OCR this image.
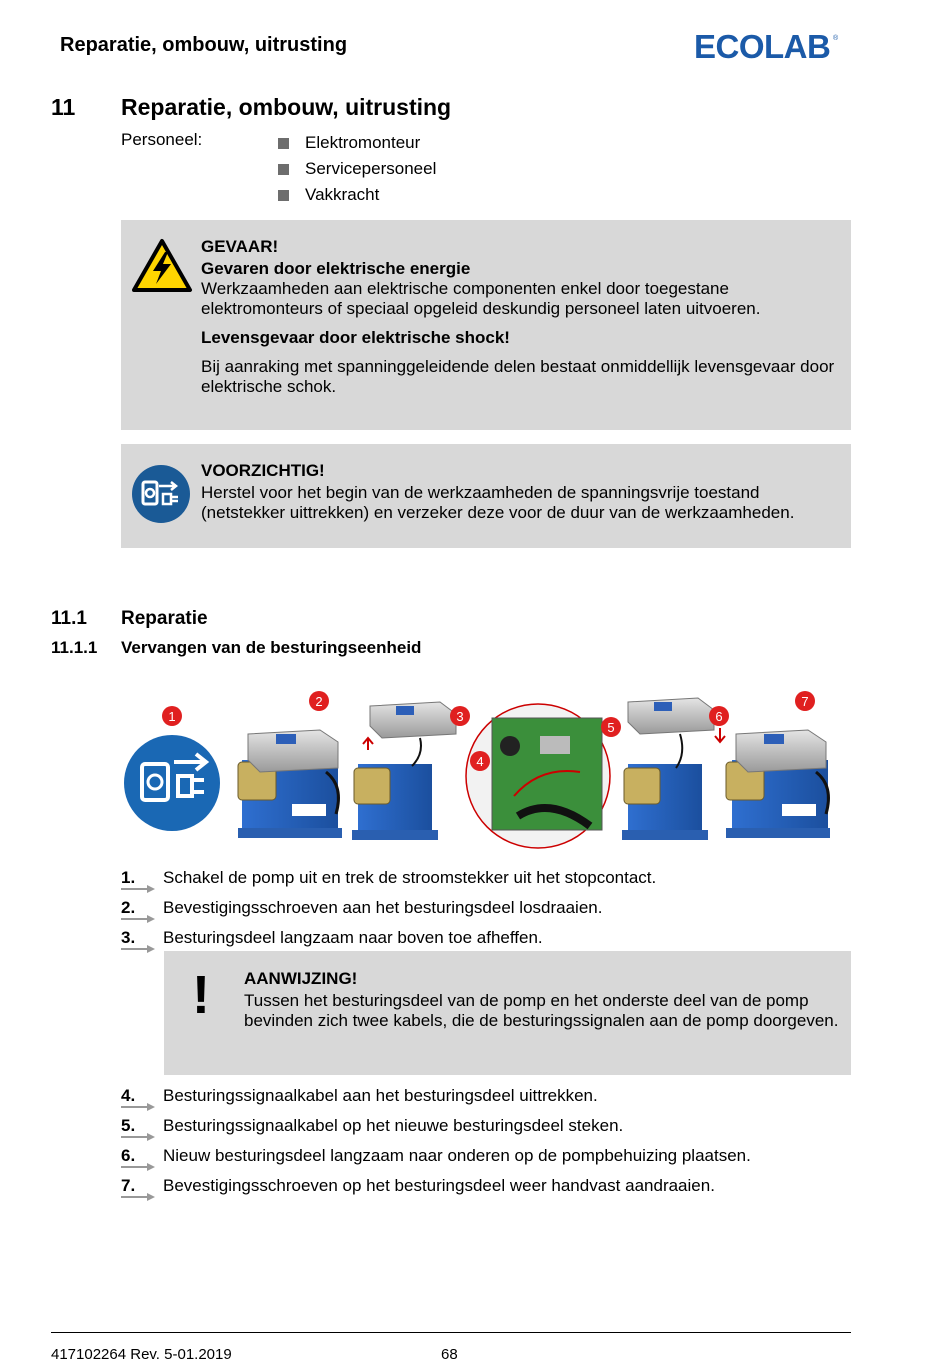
Reparatie, ombouw, uitrusting	ECOLAB ®
11 Reparatie, ombouw, uitrusting
Personeel:	Elektromonteur
Servicepersoneel
Vakkracht
GEVAAR!
Gevaren door elektrische energie

Werkzaamheden aan elektrische componenten enkel door toegestane elektromonteurs of speciaal opgeleid deskundig personeel laten uitvoeren.

Levensgevaar door elektrische shock!

Bij aanraking met spanninggeleidende delen bestaat onmiddellijk levensgevaar door elektrische schok.

VOORZICHTIG!

Herstel voor het begin van de werkzaamheden de spanningsvrije toestand (netstekker uittrekken) en verzeker deze voor de duur van de werkzaamheden.

11.1 Reparatie
11.1.1 Vervangen van de besturingseenheid
1
2
3
4
5
6
7
1.	Schakel de pomp uit en trek de stroomstekker uit het stopcontact.
2.	Bevestigingsschroeven aan het besturingsdeel losdraaien.
3.	Besturingsdeel langzaam naar boven toe afheffen.
! AANWIJZING!

Tussen het besturingsdeel van de pomp en het onderste deel van de pomp bevinden zich twee kabels, die de besturingssignalen aan de pomp doorgeven.

4.	Besturingssignaalkabel aan het besturingsdeel uittrekken.
5.	Besturingssignaalkabel op het nieuwe besturingsdeel steken.
6.	Nieuw besturingsdeel langzaam naar onderen op de pompbehuizing plaatsen.
7.	Bevestigingsschroeven op het besturingsdeel weer handvast aandraaien.
417102264 Rev. 5-01.2019	68
